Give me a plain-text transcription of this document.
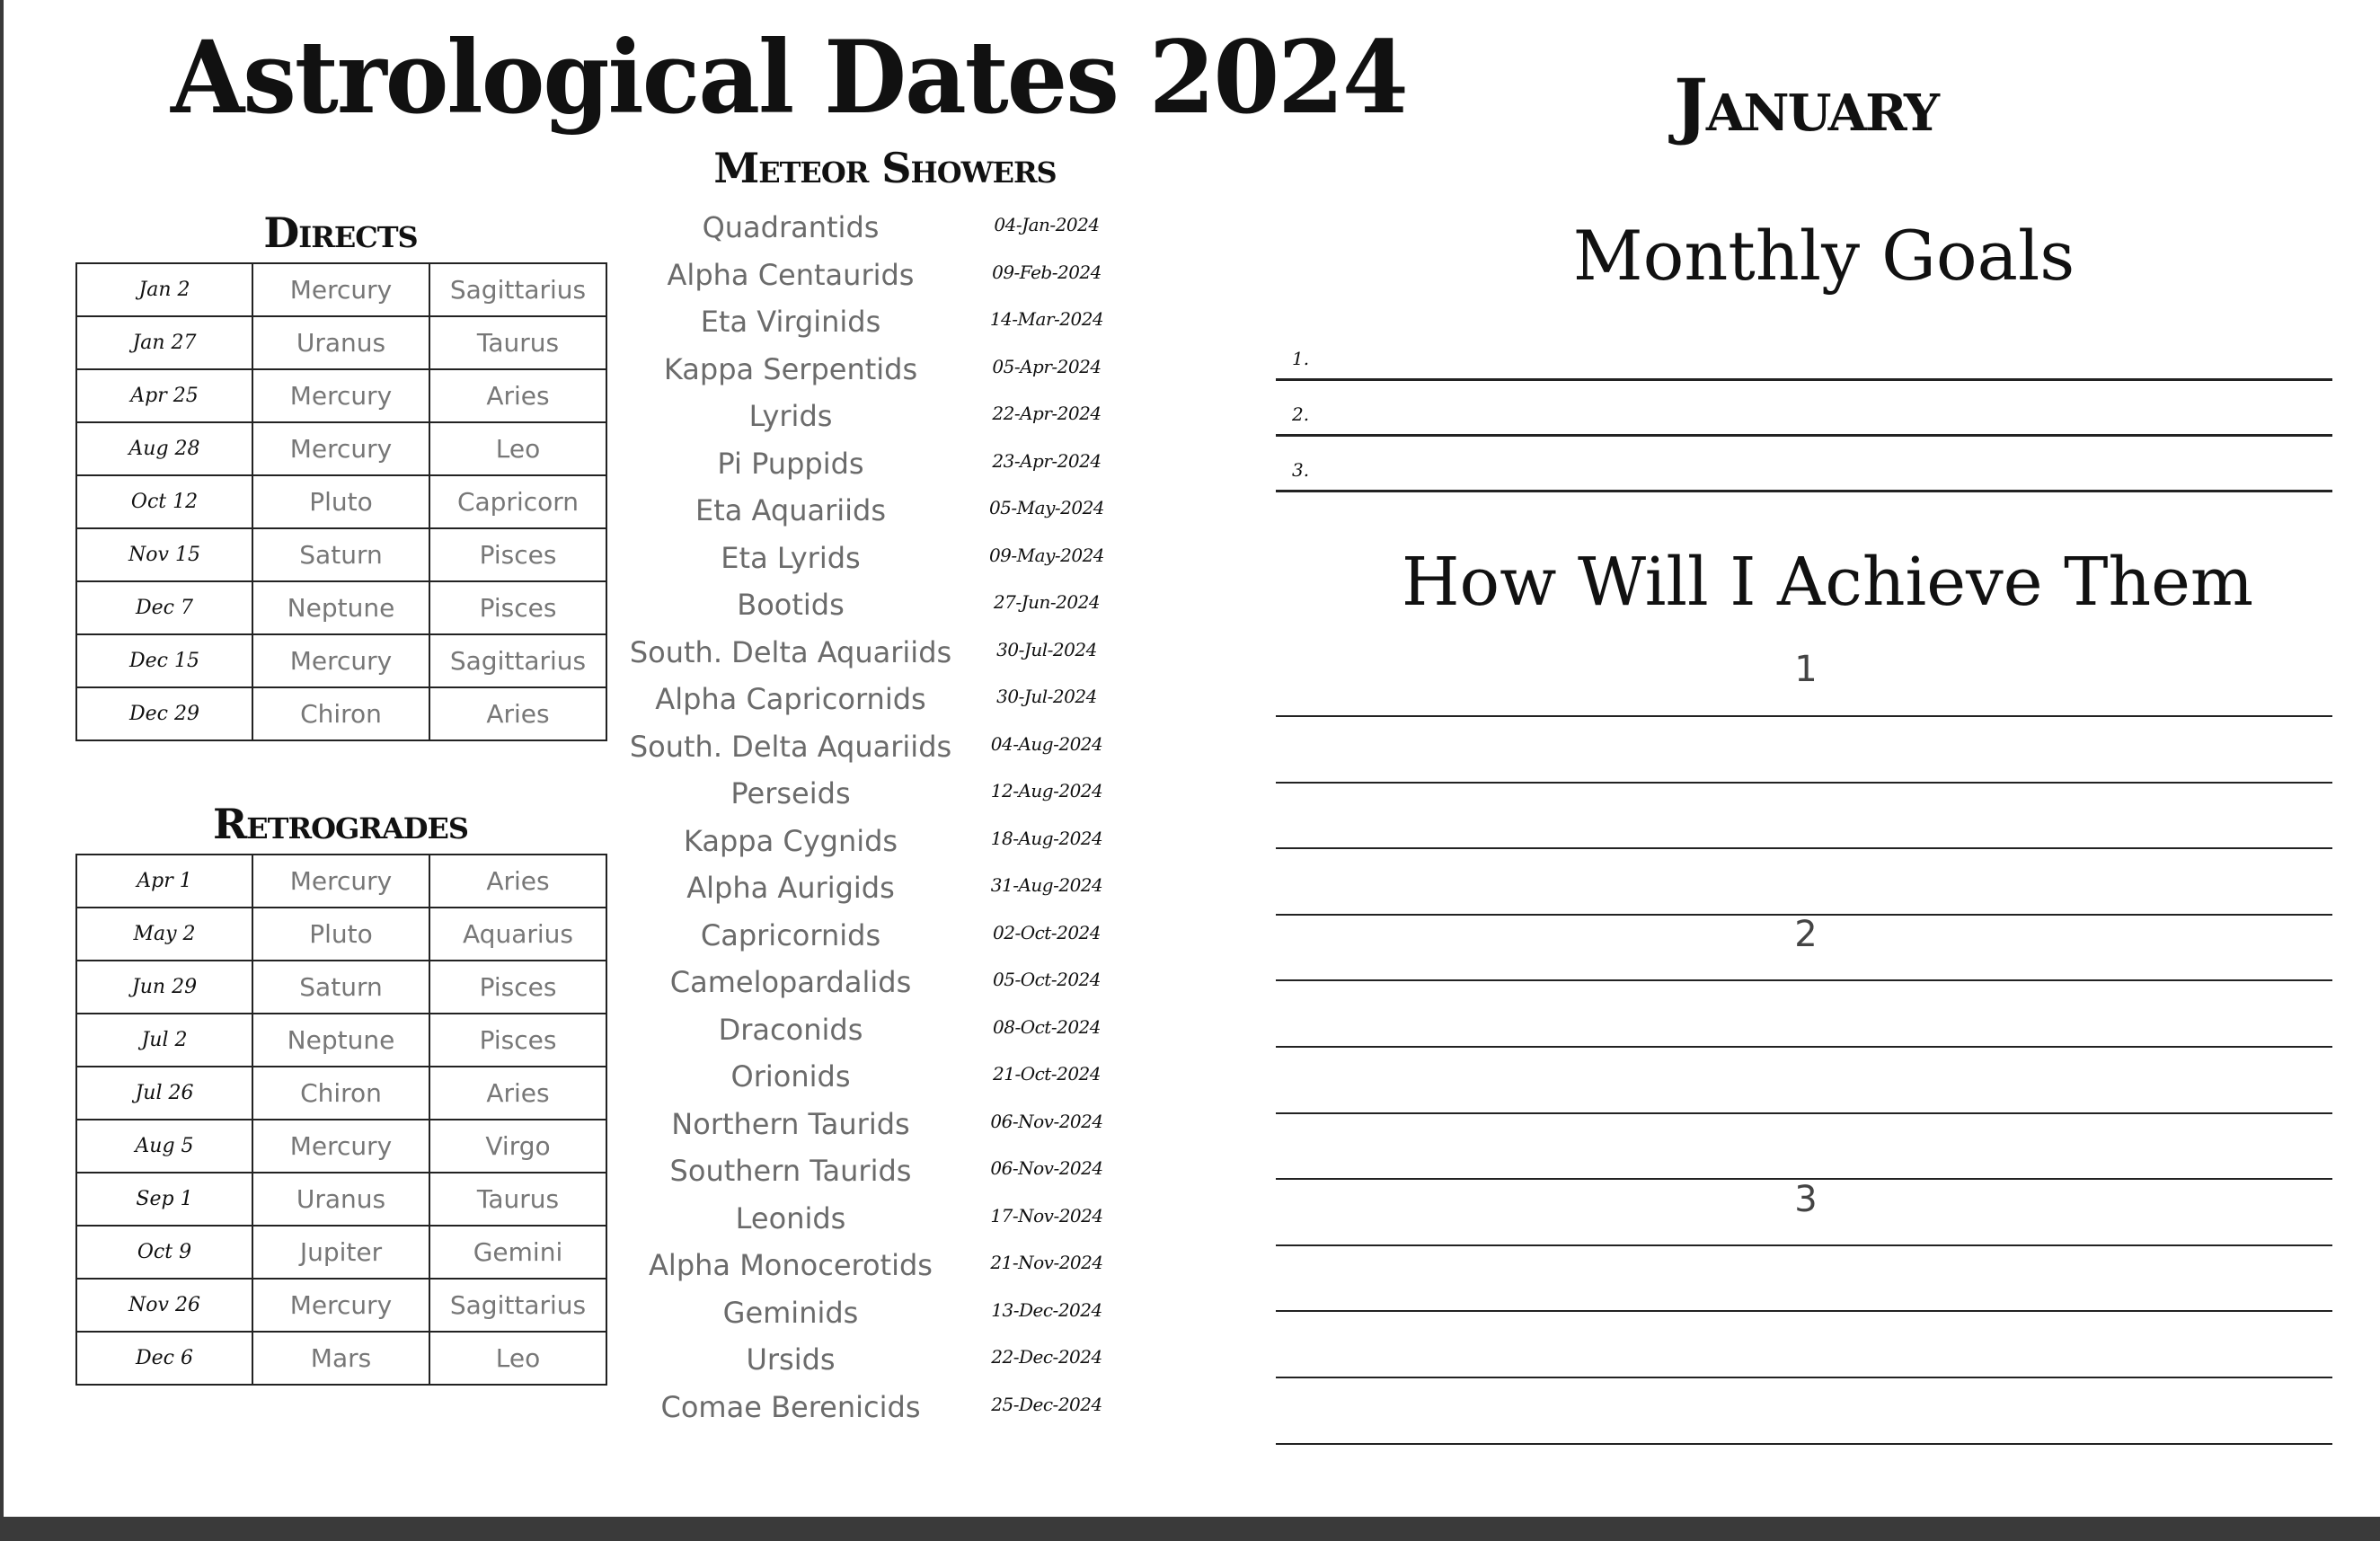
Astrological Dates 2024
Directs
Jan 2	Mercury	Sagittarius
Jan 27	Uranus	Taurus
Apr 25	Mercury	Aries
Aug 28	Mercury	Leo
Oct 12	Pluto	Capricorn
Nov 15	Saturn	Pisces
Dec 7	Neptune	Pisces
Dec 15	Mercury	Sagittarius
Dec 29	Chiron	Aries
Retrogrades
Apr 1	Mercury	Aries
May 2	Pluto	Aquarius
Jun 29	Saturn	Pisces
Jul 2	Neptune	Pisces
Jul 26	Chiron	Aries
Aug 5	Mercury	Virgo
Sep 1	Uranus	Taurus
Oct 9	Jupiter	Gemini
Nov 26	Mercury	Sagittarius
Dec 6	Mars	Leo
Meteor Showers
Quadrantids	04-Jan-2024
Alpha Centaurids	09-Feb-2024
Eta Virginids	14-Mar-2024
Kappa Serpentids	05-Apr-2024
Lyrids	22-Apr-2024
Pi Puppids	23-Apr-2024
Eta Aquariids	05-May-2024
Eta Lyrids	09-May-2024
Bootids	27-Jun-2024
South. Delta Aquariids	30-Jul-2024
Alpha Capricornids	30-Jul-2024
South. Delta Aquariids	04-Aug-2024
Perseids	12-Aug-2024
Kappa Cygnids	18-Aug-2024
Alpha Aurigids	31-Aug-2024
Capricornids	02-Oct-2024
Camelopardalids	05-Oct-2024
Draconids	08-Oct-2024
Orionids	21-Oct-2024
Northern Taurids	06-Nov-2024
Southern Taurids	06-Nov-2024
Leonids	17-Nov-2024
Alpha Monocerotids	21-Nov-2024
Geminids	13-Dec-2024
Ursids	22-Dec-2024
Comae Berenicids	25-Dec-2024
January
Monthly Goals
1.
2.
3.
How Will I Achieve Them
1
2
3
